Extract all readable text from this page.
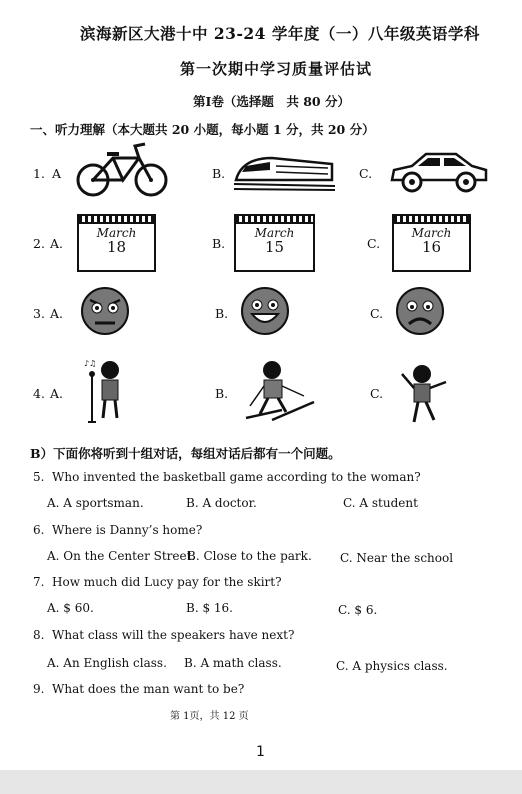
滨海新区大港十中 23-24 学年度（一）八年级英语学科
第一次期中学习质量评估试
第Ⅰ卷（选择题　共 80 分）
一、听力理解（本大题共 20 小题，每小题 1 分，共 20 分）
1. A	B.	C.
2. A.
March
18	B.
March
15	C.
March
16
3. A.	B.	C.
4. A.
♪♫
B.	C.
B）下面你将听到十组对话，每组对话后都有一个问题。
5. Who invented the basketball game according to the woman?
A. A sportsman.	B. A doctor.	C. A student
6. Where is Danny’s home?
A. On the Center Street.
B. Close to the park. C. Near the school
7. How much did Lucy pay for the skirt?
A. $ 60.	B. $ 16.	C. $ 6.
8. What class will the speakers have next?
A. An English class. B. A math class.	C. A physics class.
9. What does the man want to be?
第 1页，共 12 页
1
